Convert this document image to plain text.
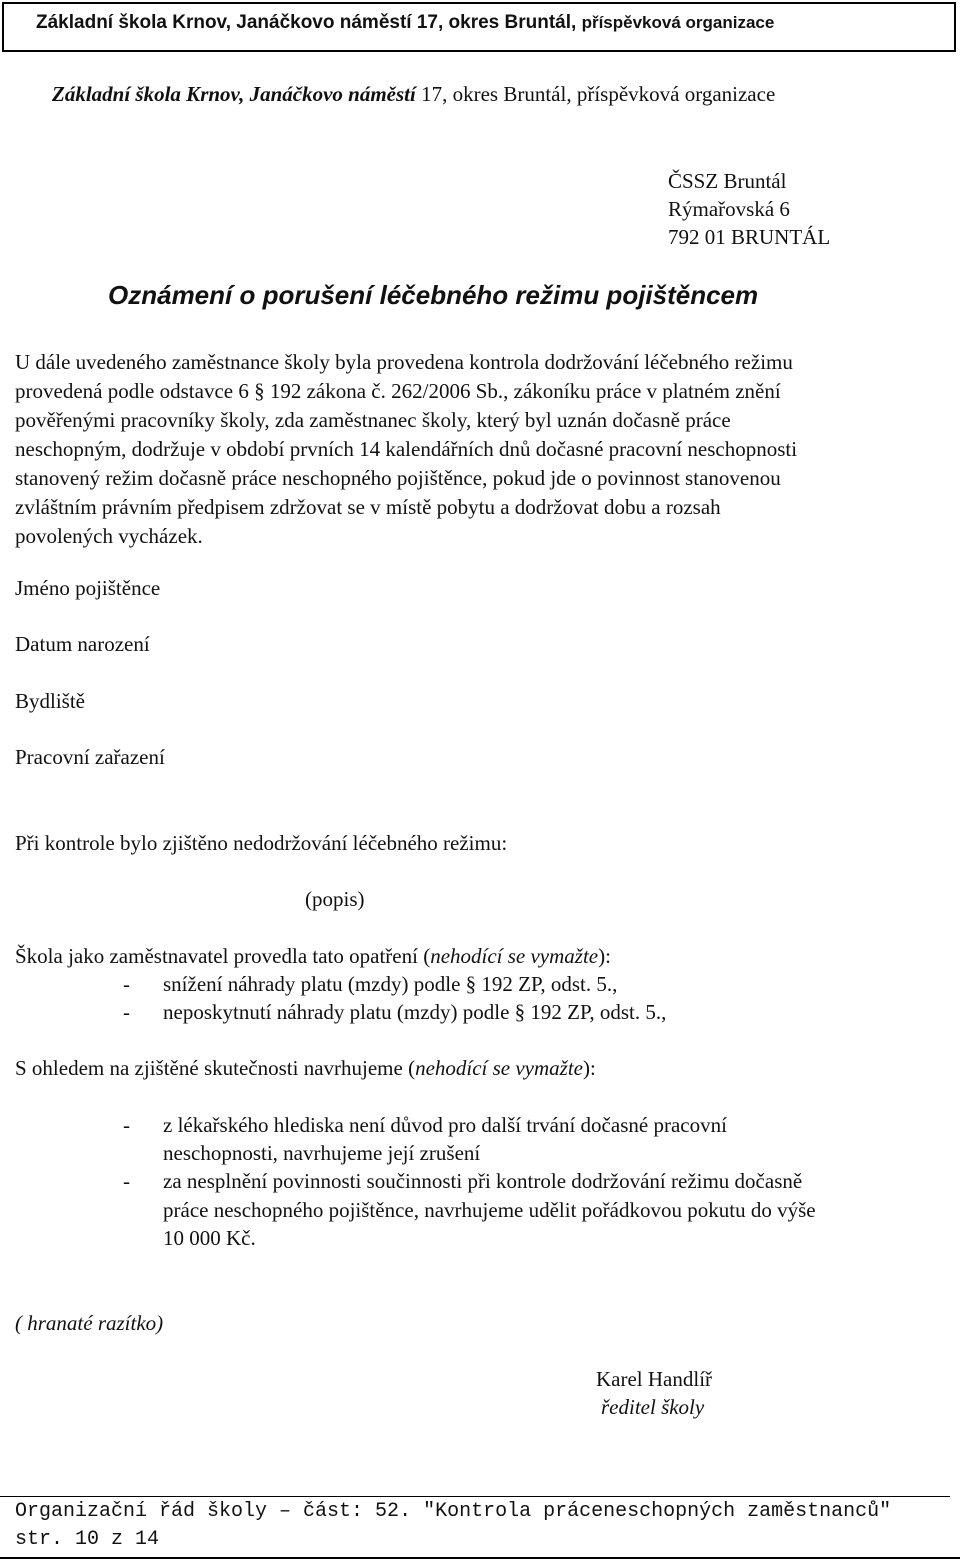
Základní škola Krnov, Janáčkovo náměstí 17, okres Bruntál, příspěvková organizace
Základní škola Krnov, Janáčkovo náměstí 17, okres Bruntál, příspěvková organizace
ČSSZ Bruntál
Rýmařovská 6
792 01 BRUNTÁL
Oznámení o porušení léčebného režimu pojištěncem
U dále uvedeného zaměstnance školy byla provedena kontrola dodržování léčebného režimu
provedená podle odstavce 6 § 192 zákona č. 262/2006 Sb., zákoníku práce v platném znění
pověřenými pracovníky školy, zda zaměstnanec školy, který byl uznán dočasně práce
neschopným, dodržuje v období prvních 14 kalendářních dnů dočasné pracovní neschopnosti
stanovený režim dočasně práce neschopného pojištěnce, pokud jde o povinnost stanovenou
zvláštním právním předpisem zdržovat se v místě pobytu a dodržovat dobu a rozsah
povolených vycházek.
Jméno pojištěnce
Datum narození
Bydliště
Pracovní zařazení
Při kontrole bylo zjištěno nedodržování léčebného režimu:
(popis)
Škola jako zaměstnavatel provedla tato opatření (nehodící se vymažte):
- snížení náhrady platu (mzdy) podle § 192 ZP, odst. 5.,
- neposkytnutí náhrady platu (mzdy) podle § 192 ZP, odst. 5.,
S ohledem na zjištěné skutečnosti navrhujeme (nehodící se vymažte):
- z lékařského hlediska není důvod pro další trvání dočasné pracovní
neschopnosti, navrhujeme její zrušení
- za nesplnění povinnosti součinnosti při kontrole dodržování režimu dočasně
práce neschopného pojištěnce, navrhujeme udělit pořádkovou pokutu do výše
10 000 Kč.
( hranaté razítko)
Karel Handlíř
ředitel školy
Organizační řád školy – část: 52. "Kontrola práceneschopných zaměstnanců" str. 10 z 14
